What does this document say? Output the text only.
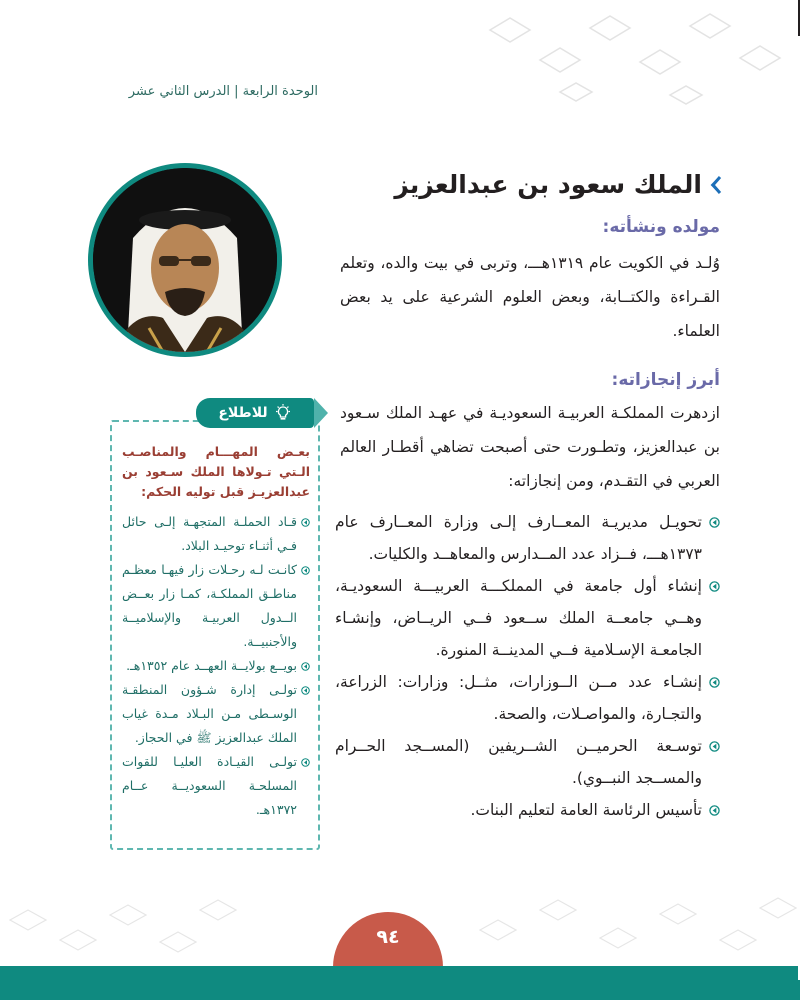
الوحدة الرابعة | الدرس الثاني عشر
الملك سعود بن عبدالعزيز
مولده ونشأته:

وُلـد في الكويت عام ١٣١٩هـــ، وتربى في بيت والده، وتعلم القـراءة والكتــابة، وبعض العلوم الشرعية على يد بعض العلماء.

أبرز إنجازاته:

ازدهرت المملكـة العربيـة السعوديـة في عهـد الملك سـعود بن عبدالعزيز، وتطـورت حتى أصبحت تضاهي أقطـار العالم العربي في التقـدم، ومن إنجازاته:

تحويـل مديريـة المعــارف إلـى وزارة المعــارف عام ١٣٧٣هـــ، فــزاد عدد المــدارس والمعاهــد والكليات.
إنشاء أول جامعة في المملكـــة العربيـــة السعوديـة، وهــي جامعــة الملك ســعود فــي الريــاض، وإنشـاء الجامعـة الإسـلامية فــي المدينــة المنورة.
إنشـاء عدد مــن الــوزارات، مثــل: وزارات: الزراعة، والتجـارة، والمواصـلات، والصحة.
توسـعة الحرميــن الشــريفين (المســجد الحــرام والمســجد النبــوي).
تأسيس الرئاسة العامة لتعليم البنات.
للاطلاع

بعـض المهـــام والمناصـب الـتي تـولاها الملك سـعود بن عبدالعزيـز قبل توليه الحكم:

قـاد الحملـة المتجهـة إلـى حائل فـي أثنـاء توحيـد البلاد.
كانـت لـه رحـلات زار فيهـا معظـم مناطـق المملكـة، كمـا زار بعــض الــدول العربيـة والإسلاميــة والأجنبيــة.
بويــع بولايــة العهــد عام ١٣٥٢هـ.
تولـى إدارة شـؤون المنطقـة الوسـطى مـن البـلاد مـدة غياب الملك عبدالعزيز ﷺ في الحجاز.
تولـى القيـادة العليـا للقوات المسلحـة السعوديــة عــام ١٣٧٢هـ.
٩٤
